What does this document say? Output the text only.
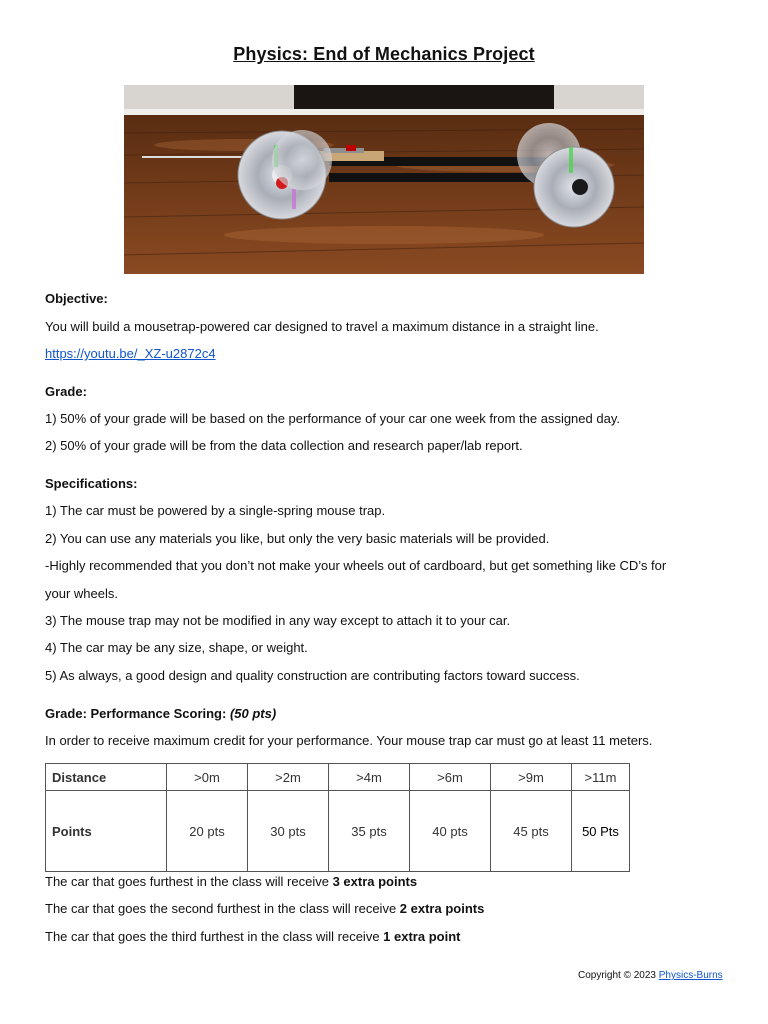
Physics: End of Mechanics Project
Objective:
You will build a mousetrap-powered car designed to travel a maximum distance in a straight line.
https://youtu.be/_XZ-u2872c4
Grade:
1) 50% of your grade will be based on the performance of your car one week from the assigned day.
2) 50% of your grade will be from the data collection and research paper/lab report.
Specifications:
1) The car must be powered by a single-spring mouse trap.
2) You can use any materials you like, but only the very basic materials will be provided.
-Highly recommended that you don’t not make your wheels out of cardboard, but get something like CD’s for
your wheels.
3) The mouse trap may not be modified in any way except to attach it to your car.
4) The car may be any size, shape, or weight.
5) As always, a good design and quality construction are contributing factors toward success.
Grade: Performance Scoring: (50 pts)
In order to receive maximum credit for your performance. Your mouse trap car must go at least 11 meters.
Distance	>0m	>2m	>4m	>6m	>9m	>11m
Points	20 pts	30 pts	35 pts	40 pts	45 pts	50 Pts
The car that goes furthest in the class will receive 3 extra points
The car that goes the second furthest in the class will receive 2 extra points
The car that goes the third furthest in the class will receive 1 extra point
Copyright © 2023 Physics-Burns
